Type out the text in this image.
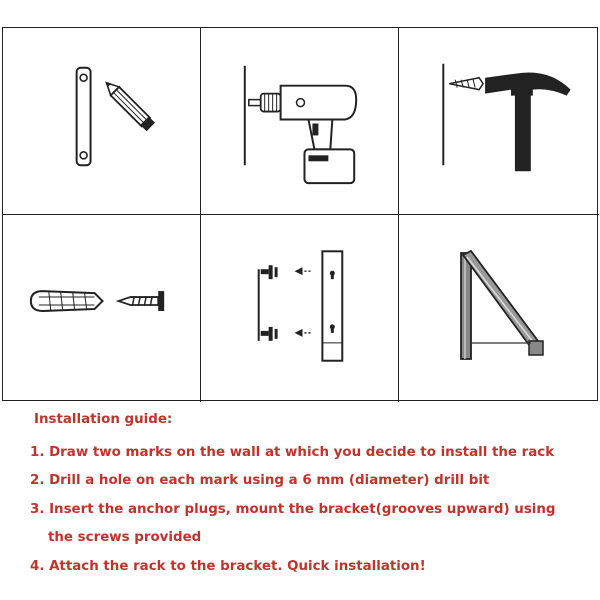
Installation guide:
1. Draw two marks on the wall at which you decide to install the rack
2. Drill a hole on each mark using a 6 mm (diameter) drill bit
3. Insert the anchor plugs, mount the bracket(grooves upward) using
the screws provided
4. Attach the rack to the bracket. Quick installation!
